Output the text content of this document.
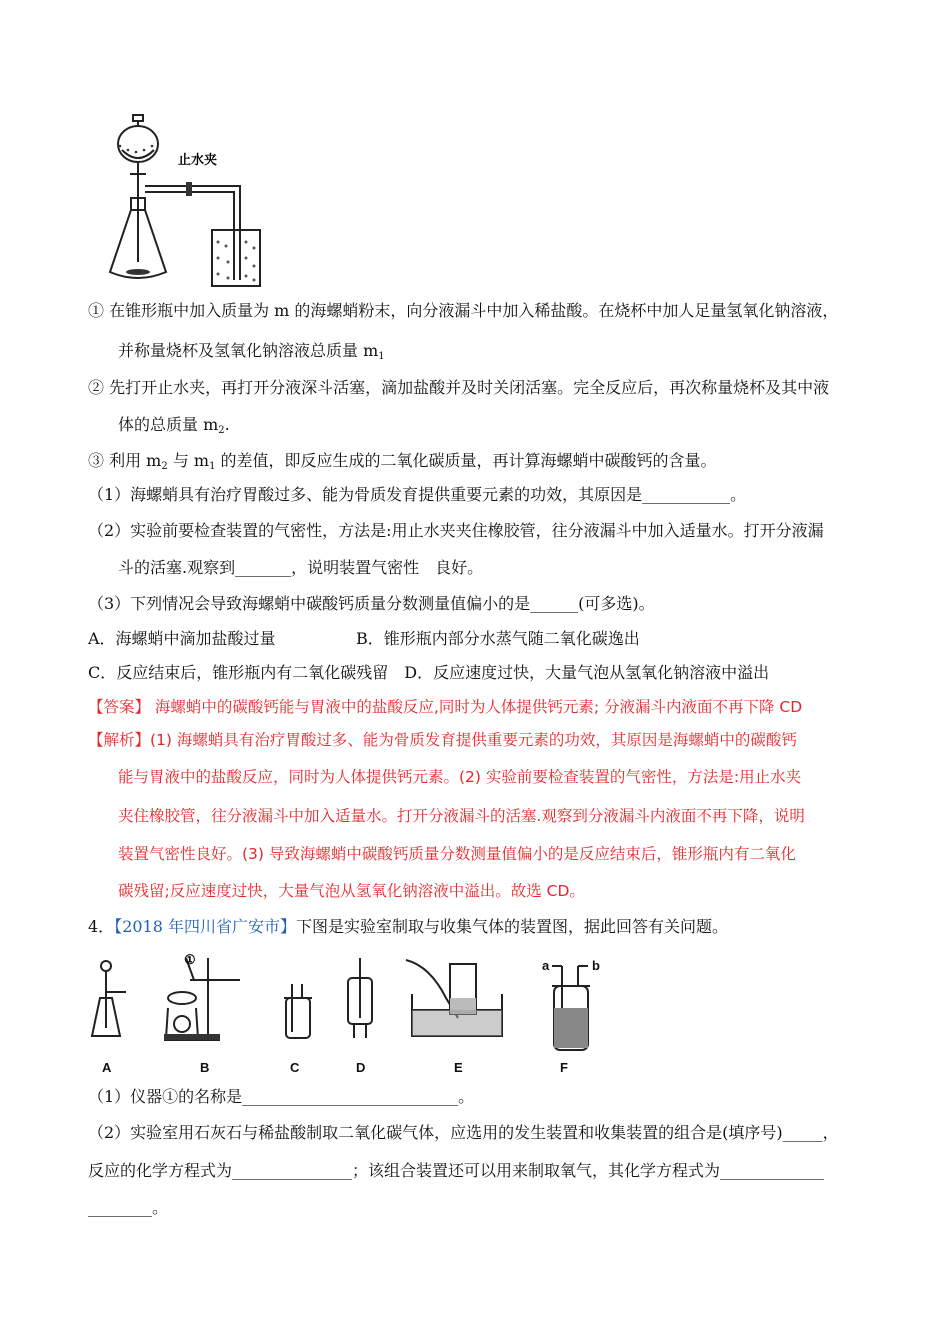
止水夹
① 在锥形瓶中加入质量为 m 的海螺蛸粉末，向分液漏斗中加入稀盐酸。在烧杯中加人足量氢氧化钠溶液，
并称量烧杯及氢氧化钠溶液总质量 $m_1$
② 先打开止水夹，再打开分液深斗活塞，滴加盐酸并及时关闭活塞。完全反应后，再次称量烧杯及其中液
体的总质量 $m_2$.
③ 利用 $m_2$ 与 $m_1$ 的差值，即反应生成的二氧化碳质量，再计算海螺蛸中碳酸钙的含量。
（1）海螺蛸具有治疗胃酸过多、能为骨质发育提供重要元素的功效，其原因是___________。
（2）实验前要检查装置的气密性，方法是:用止水夹夹住橡胶管，往分液漏斗中加入适量水。打开分液漏
斗的活塞.观察到_______，说明装置气密性　良好。
（3）下列情况会导致海螺蛸中碳酸钙质量分数测量值偏小的是______(可多选)。
A．海螺蛸中滴加盐酸过量	B．锥形瓶内部分水蒸气随二氧化碳逸出
C．反应结束后，锥形瓶内有二氧化碳残留　D．反应速度过快，大量气泡从氢氧化钠溶液中溢出
【答案】 海螺蛸中的碳酸钙能与胃液中的盐酸反应,同时为人体提供钙元素; 分液漏斗内液面不再下降 CD
【解析】(1) 海螺蛸具有治疗胃酸过多、能为骨质发育提供重要元素的功效，其原因是海螺蛸中的碳酸钙
能与胃液中的盐酸反应，同时为人体提供钙元素。(2) 实验前要检查装置的气密性，方法是:用止水夹
夹住橡胶管，往分液漏斗中加入适量水。打开分液漏斗的活塞.观察到分液漏斗内液面不再下降，说明
装置气密性良好。(3) 导致海螺蛸中碳酸钙质量分数测量值偏小的是反应结束后，锥形瓶内有二氧化
碳残留;反应速度过快，大量气泡从氢氧化钠溶液中溢出。故选 CD。
4．【2018 年四川省广安市】下图是实验室制取与收集气体的装置图，据此回答有关问题。
A	B	C	D	E	F
①	a	b
（1）仪器①的名称是___________________________。
（2）实验室用石灰石与稀盐酸制取二氧化碳气体，应选用的发生装置和收集装置的组合是(填序号)_____，
反应的化学方程式为_______________；该组合装置还可以用来制取氧气，其化学方程式为_____________
________。
